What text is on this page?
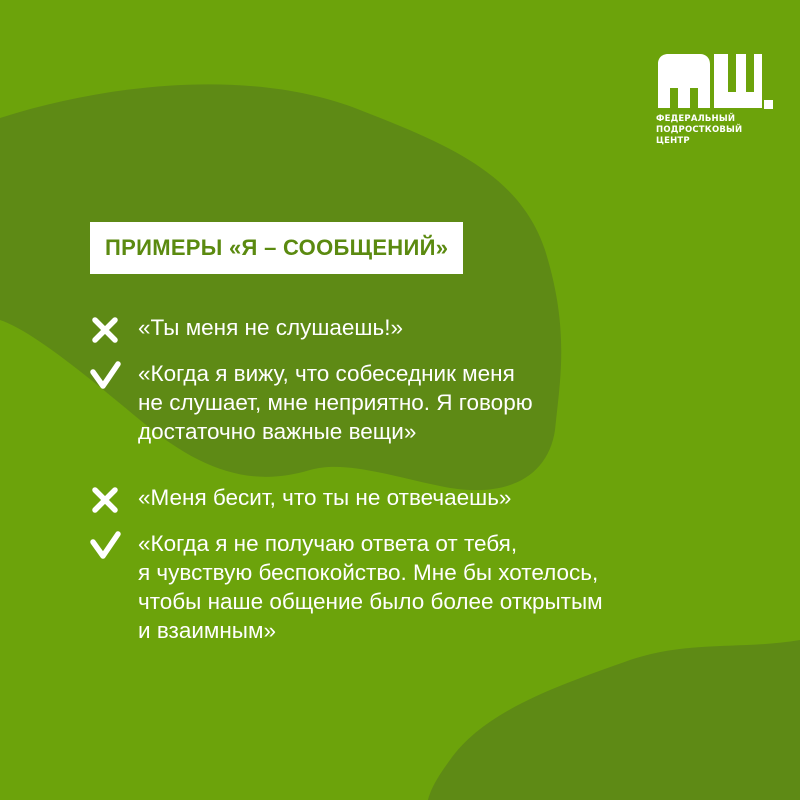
ФЕДЕРАЛЬНЫЙ
ПОДРОСТКОВЫЙ
ЦЕНТР
ПРИМЕРЫ «Я – СООБЩЕНИЙ»
«Ты меня не слушаешь!»
«Когда я вижу, что собеседник меня
не слушает, мне неприятно. Я говорю
достаточно важные вещи»
«Меня бесит, что ты не отвечаешь»
«Когда я не получаю ответа от тебя,
я чувствую беспокойство. Мне бы хотелось,
чтобы наше общение было более открытым
и взаимным»
